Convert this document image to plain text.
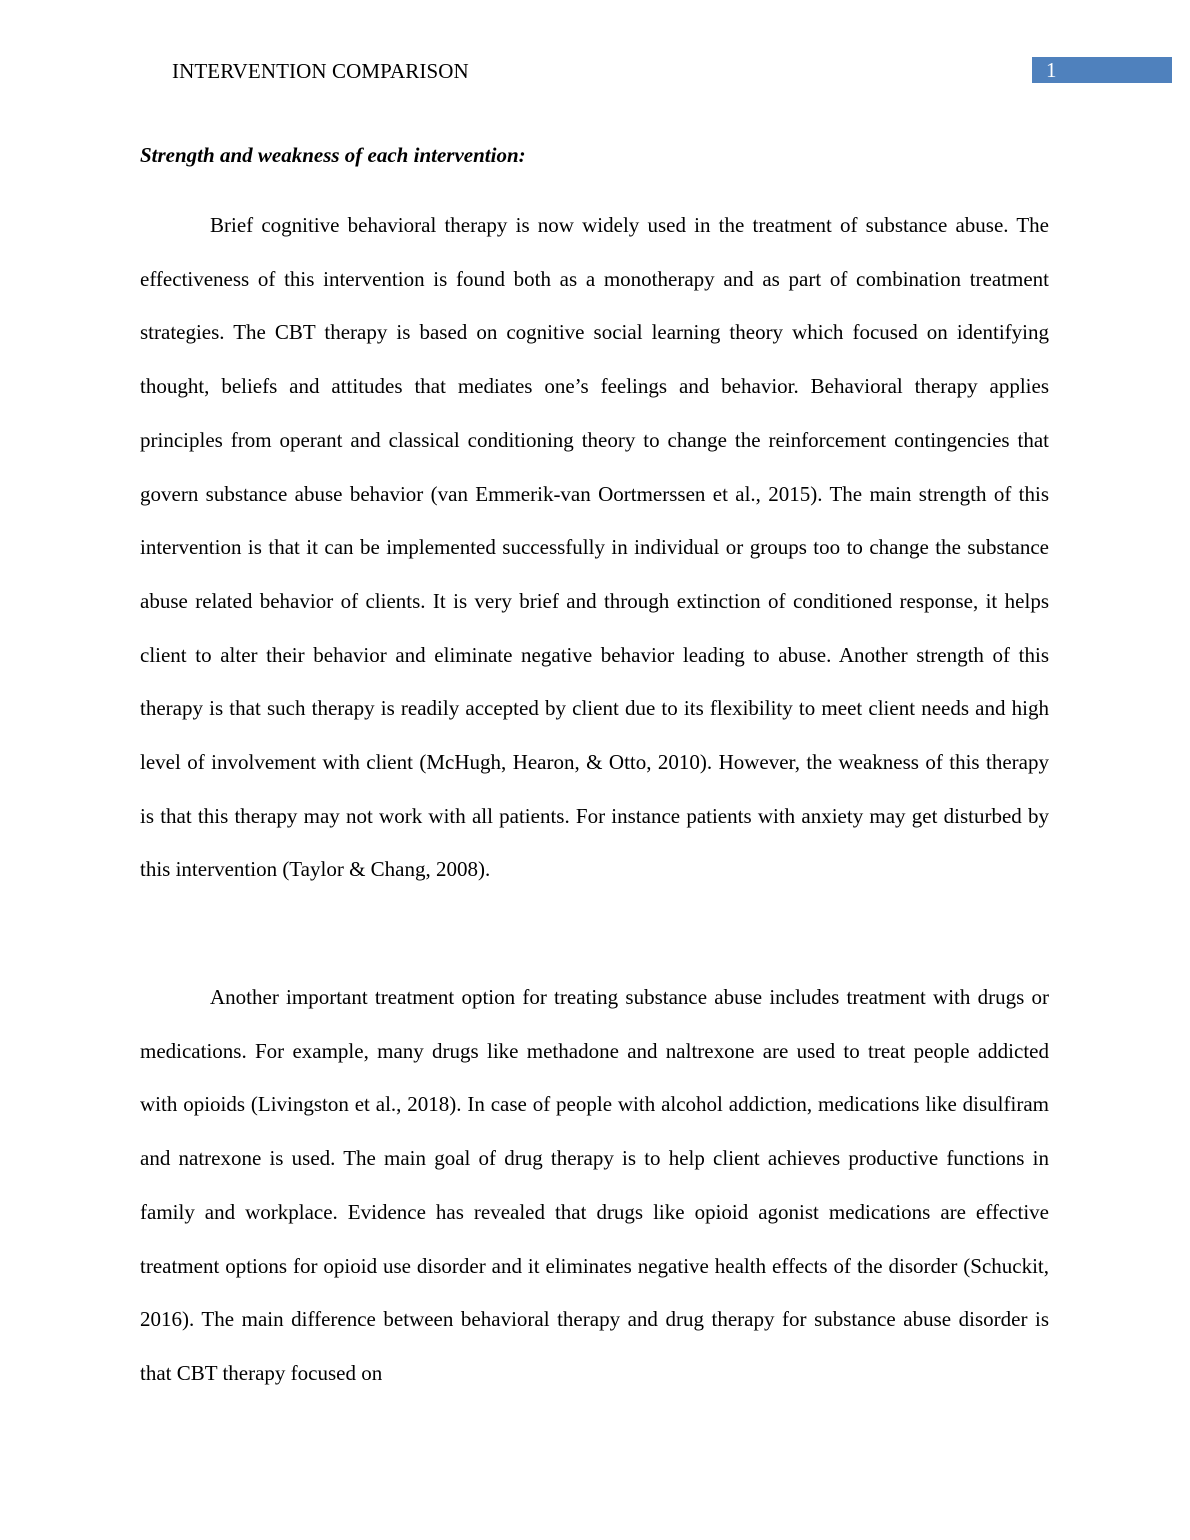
INTERVENTION COMPARISON	1
Strength and weakness of each intervention:

Brief cognitive behavioral therapy is now widely used in the treatment of substance abuse. The effectiveness of this intervention is found both as a monotherapy and as part of combination treatment strategies. The CBT therapy is based on cognitive social learning theory which focused on identifying thought, beliefs and attitudes that mediates one’s feelings and behavior. Behavioral therapy applies principles from operant and classical conditioning theory to change the reinforcement contingencies that govern substance abuse behavior (van Emmerik-van Oortmerssen et al., 2015). The main strength of this intervention is that it can be implemented successfully in individual or groups too to change the substance abuse related behavior of clients. It is very brief and through extinction of conditioned response, it helps client to alter their behavior and eliminate negative behavior leading to abuse. Another strength of this therapy is that such therapy is readily accepted by client due to its flexibility to meet client needs and high level of involvement with client (McHugh, Hearon, & Otto, 2010). However, the weakness of this therapy is that this therapy may not work with all patients. For instance patients with anxiety may get disturbed by this intervention (Taylor & Chang, 2008).

Another important treatment option for treating substance abuse includes treatment with drugs or medications. For example, many drugs like methadone and naltrexone are used to treat people addicted with opioids (Livingston et al., 2018). In case of people with alcohol addiction, medications like disulfiram and natrexone is used. The main goal of drug therapy is to help client achieves productive functions in family and workplace. Evidence has revealed that drugs like opioid agonist medications are effective treatment options for opioid use disorder and it eliminates negative health effects of the disorder (Schuckit, 2016). The main difference between behavioral therapy and drug therapy for substance abuse disorder is that CBT therapy focused on
